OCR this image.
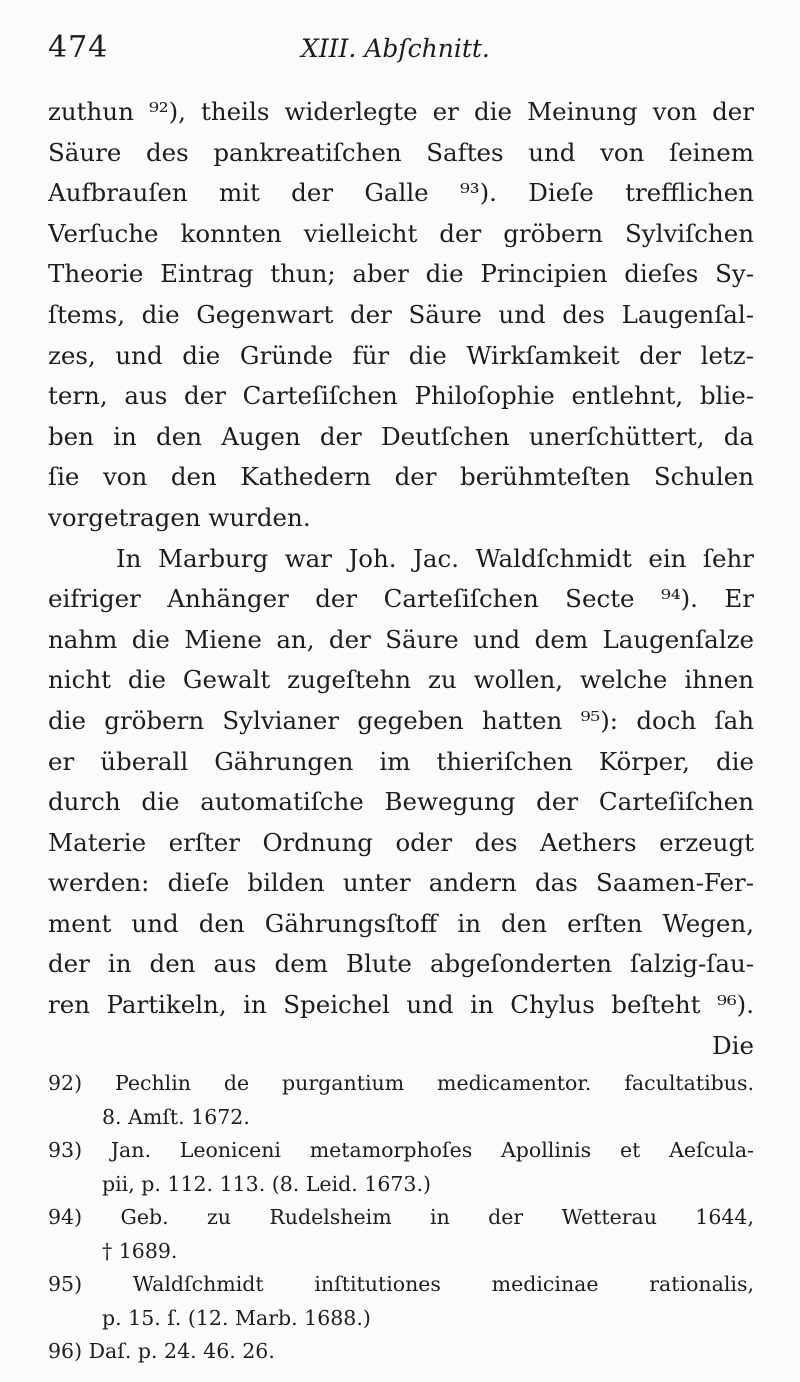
474	XIII. Abſchnitt.
zuthun ⁹²), theils widerlegte er die Meinung von der
Säure des pankreatiſchen Saftes und von ſeinem
Aufbrauſen mit der Galle ⁹³). Dieſe trefflichen
Verſuche konnten vielleicht der gröbern Sylviſchen
Theorie Eintrag thun; aber die Principien dieſes Sy-
ſtems, die Gegenwart der Säure und des Laugenſal-
zes, und die Gründe für die Wirkſamkeit der letz-
tern, aus der Carteſiſchen Philoſophie entlehnt, blie-
ben in den Augen der Deutſchen unerſchüttert, da
ſie von den Kathedern der berühmteſten Schulen
vorgetragen wurden.
In Marburg war Joh. Jac. Waldſchmidt ein ſehr
eifriger Anhänger der Carteſiſchen Secte ⁹⁴). Er
nahm die Miene an, der Säure und dem Laugenſalze
nicht die Gewalt zugeſtehn zu wollen, welche ihnen
die gröbern Sylvianer gegeben hatten ⁹⁵): doch ſah
er überall Gährungen im thieriſchen Körper, die
durch die automatiſche Bewegung der Carteſiſchen
Materie erſter Ordnung oder des Aethers erzeugt
werden: dieſe bilden unter andern das Saamen-Fer-
ment und den Gährungsſtoff in den erſten Wegen,
der in den aus dem Blute abgeſonderten ſalzig-ſau-
ren Partikeln, in Speichel und in Chylus beſteht ⁹⁶).
Die
92) Pechlin de purgantium medicamentor. facultatibus.
8. Amſt. 1672.
93) Jan. Leoniceni metamorphoſes Apollinis et Aeſcula-
pii, p. 112. 113. (8. Leid. 1673.)
94) Geb. zu Rudelsheim in der Wetterau 1644,
† 1689.
95) Waldſchmidt inſtitutiones medicinae rationalis,
p. 15. ſ. (12. Marb. 1688.)
96) Daſ. p. 24. 46. 26.
